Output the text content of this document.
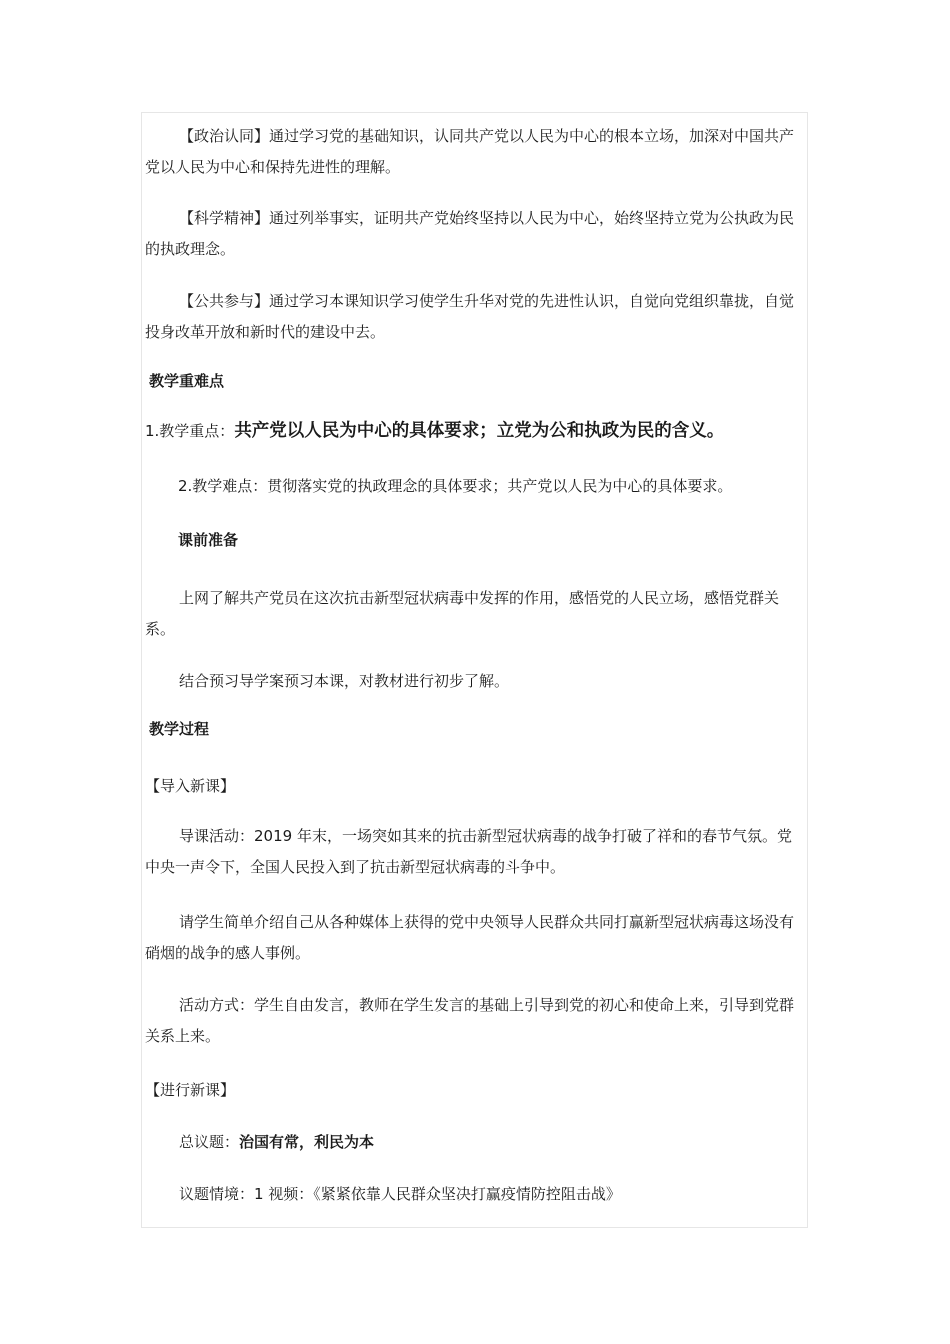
【政治认同】通过学习党的基础知识，认同共产党以人民为中心的根本立场，加深对中国共产党以人民为中心和保持先进性的理解。

【科学精神】通过列举事实，证明共产党始终坚持以人民为中心，始终坚持立党为公执政为民的执政理念。

【公共参与】通过学习本课知识学习使学生升华对党的先进性认识，自觉向党组织靠拢，自觉投身改革开放和新时代的建设中去。

教学重难点

1.教学重点：共产党以人民为中心的具体要求；立党为公和执政为民的含义。

2.教学难点：贯彻落实党的执政理念的具体要求；共产党以人民为中心的具体要求。

课前准备

上网了解共产党员在这次抗击新型冠状病毒中发挥的作用，感悟党的人民立场，感悟党群关系。

结合预习导学案预习本课，对教材进行初步了解。

教学过程

【导入新课】

导课活动：2019 年末，一场突如其来的抗击新型冠状病毒的战争打破了祥和的春节气氛。党中央一声令下，全国人民投入到了抗击新型冠状病毒的斗争中。

请学生简单介绍自己从各种媒体上获得的党中央领导人民群众共同打赢新型冠状病毒这场没有硝烟的战争的感人事例。

活动方式：学生自由发言，教师在学生发言的基础上引导到党的初心和使命上来，引导到党群关系上来。

【进行新课】

总议题：治国有常，利民为本

议题情境：1 视频：《紧紧依靠人民群众坚决打赢疫情防控阻击战》
